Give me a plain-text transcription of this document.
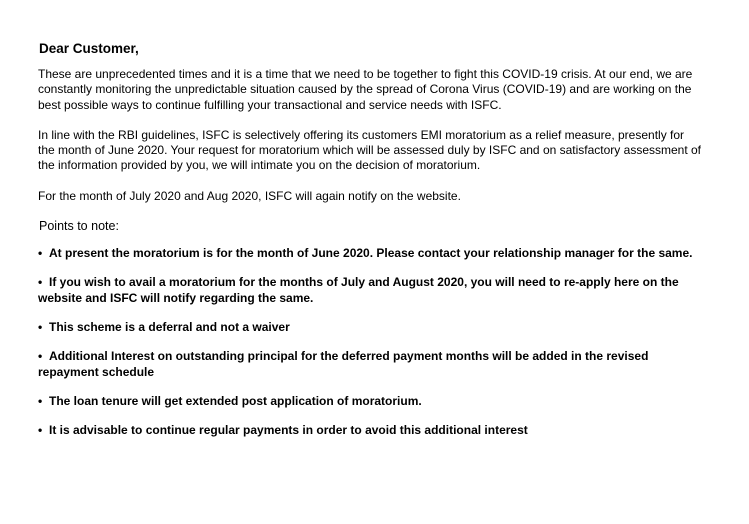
Dear Customer,

These are unprecedented times and it is a time that we need to be together to fight this COVID-19 crisis. At our end, we are constantly monitoring the unpredictable situation caused by the spread of Corona Virus (COVID-19) and are working on the best possible ways to continue fulfilling your transactional and service needs with ISFC.

In line with the RBI guidelines, ISFC is selectively offering its customers EMI moratorium as a relief measure, presently for the month of June 2020. Your request for moratorium which will be assessed duly by ISFC and on satisfactory assessment of the information provided by you, we will intimate you on the decision of moratorium.

For the month of July 2020 and Aug 2020, ISFC will again notify on the website.

Points to note:
• At present the moratorium is for the month of June 2020. Please contact your relationship manager for the same.
• If you wish to avail a moratorium for the months of July and August 2020, you will need to re-apply here on the website and ISFC will notify regarding the same.
• This scheme is a deferral and not a waiver
• Additional Interest on outstanding principal for the deferred payment months will be added in the revised repayment schedule
• The loan tenure will get extended post application of moratorium.
• It is advisable to continue regular payments in order to avoid this additional interest
